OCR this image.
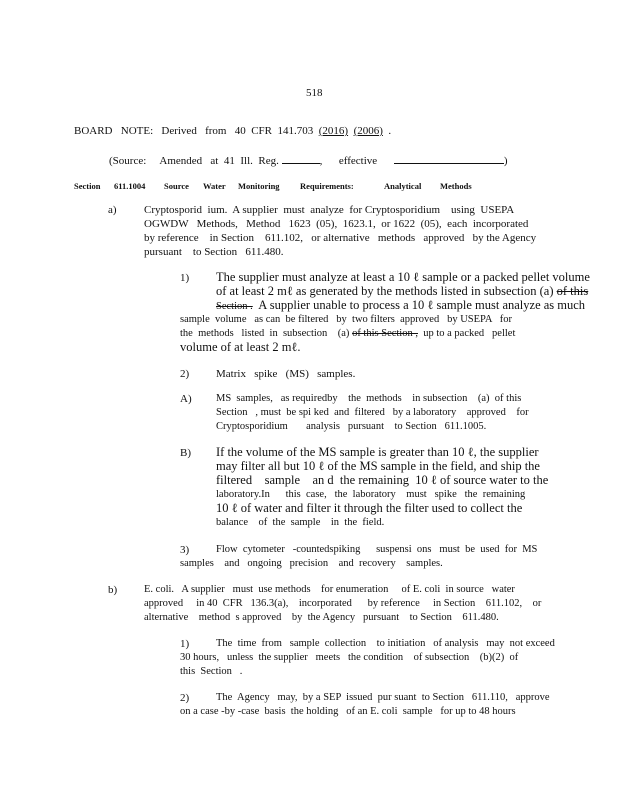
518
BOARD   NOTE:   Derived   from   40  CFR  141.703  (2016) (2006)  .
(Source:     Amended   at  41  Ill.  Reg.	,      effective	)
Section 611.1004 Source Water Monitoring Requirements:	Analytical Methods
a) Cryptosporid  ium.  A supplier  must  analyze  for Cryptosporidium    using  USEPA
OGWDW   Methods,   Method   1623  (05),  1623.1,  or 1622  (05),  each  incorporated
by reference    in Section    611.102,   or alternative   methods   approved   by the Agency
pursuant    to Section   611.480.
1) The supplier must analyze at least a 10 ℓ sample or a packed pellet volume
of at least 2 mℓ as generated by the methods listed in subsection (a) of this
Section .  A supplier unable to process a 10 ℓ sample must analyze as much
sample  volume   as can  be filtered   by  two filters  approved   by USEPA   for
the  methods   listed  in  subsection    (a) of this Section ,  up to a packed   pellet
volume of at least 2 mℓ.
2) Matrix   spike   (MS)   samples.
A) MS  samples,   as requiredby    the  methods    in subsection    (a)  of this
Section   , must  be spi ked  and  filtered   by a laboratory    approved    for
Cryptosporidium       analysis   pursuant    to Section   611.1005.
B) If the volume of the MS sample is greater than 10 ℓ, the supplier
may filter all but 10 ℓ of the MS sample in the field, and ship the
filtered    sample    an d  the remaining  10 ℓ of source water to the
laboratory.In      this  case,   the  laboratory    must   spike   the  remaining
10 ℓ of water and filter it through the filter used to collect the
balance    of  the  sample    in  the  field.
3)	Flow  cytometer   -countedspiking      suspensi  ons   must  be  used  for  MS
samples    and   ongoing   precision    and  recovery    samples.
b)	E. coli.   A supplier   must  use methods    for enumeration     of E. coli  in source   water
approved     in 40  CFR   136.3(a),    incorporated      by reference     in Section    611.102,    or
alternative    method  s approved    by  the Agency   pursuant    to Section    611.480.
1)	The  time  from   sample  collection    to initiation   of analysis   may  not exceed
30 hours,   unless  the supplier   meets   the condition    of subsection    (b)(2)  of
this  Section   .
2)	The  Agency   may,  by a SEP  issued  pur suant  to Section   611.110,   approve
on a case -by -case  basis  the holding   of an E. coli  sample   for up to 48 hours
